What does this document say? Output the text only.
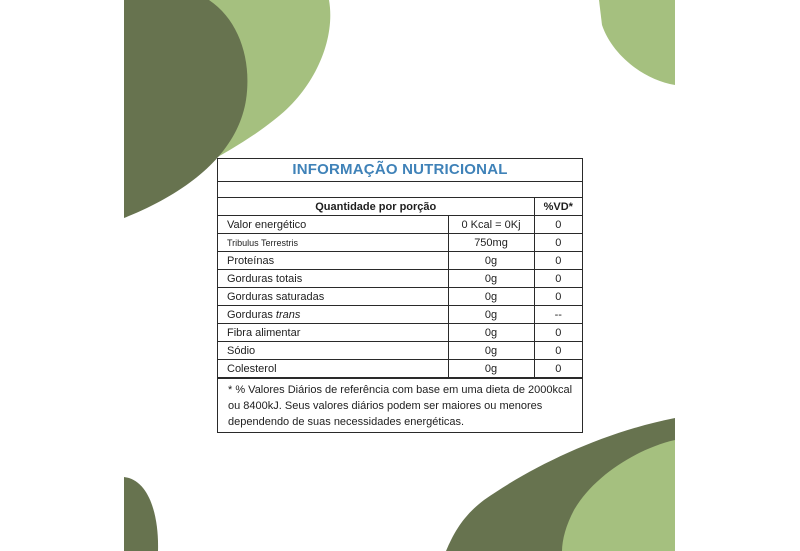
INFORMAÇÃO NUTRICIONAL
Quantidade por porção		%VD*
Valor energético	0 Kcal = 0Kj	0
Tribulus Terrestris	750mg	0
Proteínas	0g	0
Gorduras totais	0g	0
Gorduras saturadas	0g	0
Gorduras trans	0g	--
Fibra alimentar	0g	0
Sódio	0g	0
Colesterol	0g	0
* % Valores Diários de referência com base em uma dieta de 2000kcal ou 8400kJ. Seus valores diários podem ser maiores ou menores dependendo de suas necessidades energéticas.
